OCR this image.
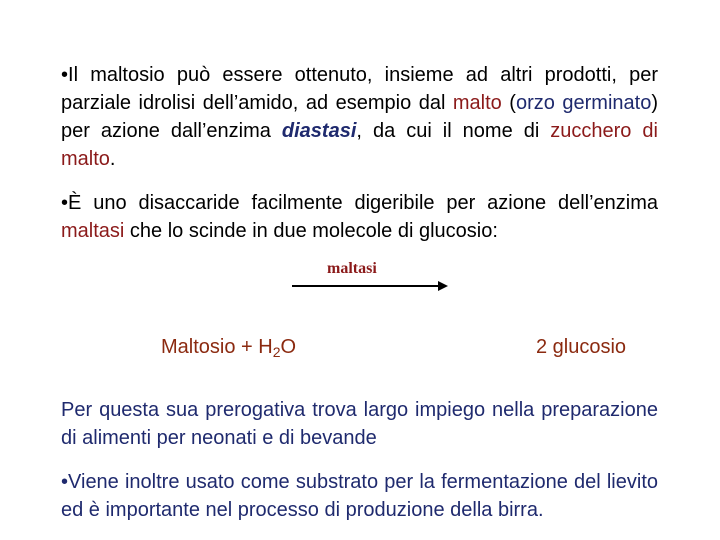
•Il maltosio può essere ottenuto, insieme ad altri prodotti, per parziale idrolisi dell’amido, ad esempio dal malto (orzo germinato) per azione dall’enzima diastasi, da cui il nome di zucchero di malto.

•È uno disaccaride facilmente digeribile per azione dell’enzima maltasi che lo scinde in due molecole di glucosio:

maltasi
Maltosio + $H_2O$	2 glucosio

Per questa sua prerogativa trova largo impiego nella preparazione di alimenti per neonati e di bevande

•Viene inoltre usato come substrato per la fermentazione del lievito ed è importante nel processo di produzione della birra.
